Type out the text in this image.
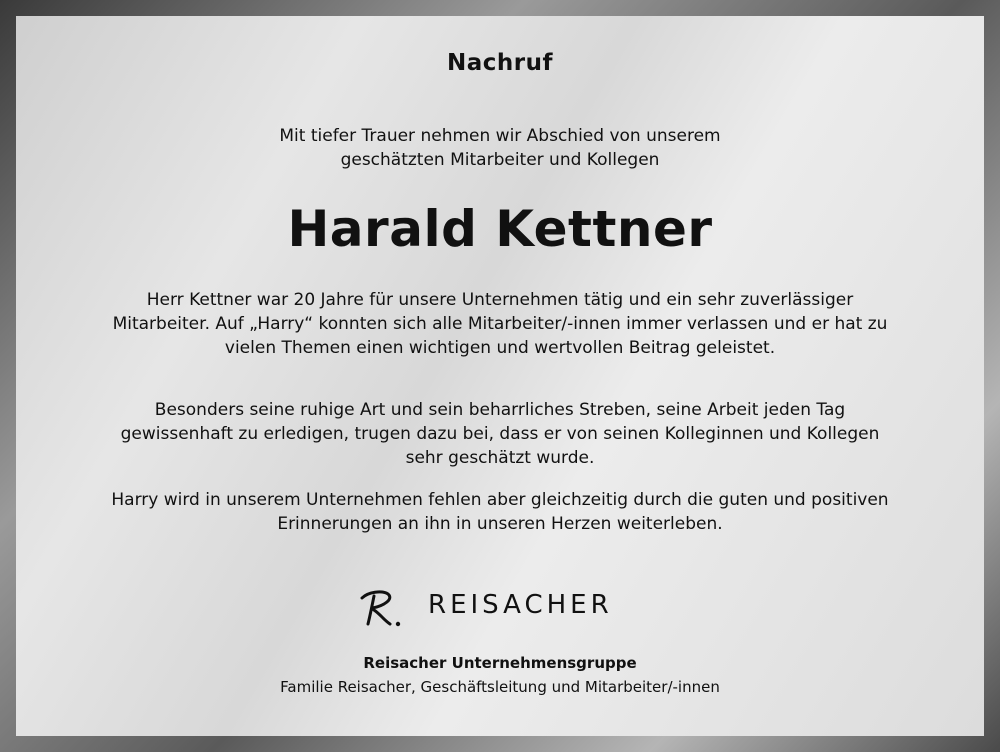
Nachruf
Mit tiefer Trauer nehmen wir Abschied von unserem
geschätzten Mitarbeiter und Kollegen
Harald Kettner
Herr Kettner war 20 Jahre für unsere Unternehmen tätig und ein sehr zuverlässiger
Mitarbeiter. Auf „Harry“ konnten sich alle Mitarbeiter/-innen immer verlassen und er hat zu
vielen Themen einen wichtigen und wertvollen Beitrag geleistet.
Besonders seine ruhige Art und sein beharrliches Streben, seine Arbeit jeden Tag
gewissenhaft zu erledigen, trugen dazu bei, dass er von seinen Kolleginnen und Kollegen
sehr geschätzt wurde.
Harry wird in unserem Unternehmen fehlen aber gleichzeitig durch die guten und positiven
Erinnerungen an ihn in unseren Herzen weiterleben.
REISACHER
Reisacher Unternehmensgruppe
Familie Reisacher, Geschäftsleitung und Mitarbeiter/-innen
